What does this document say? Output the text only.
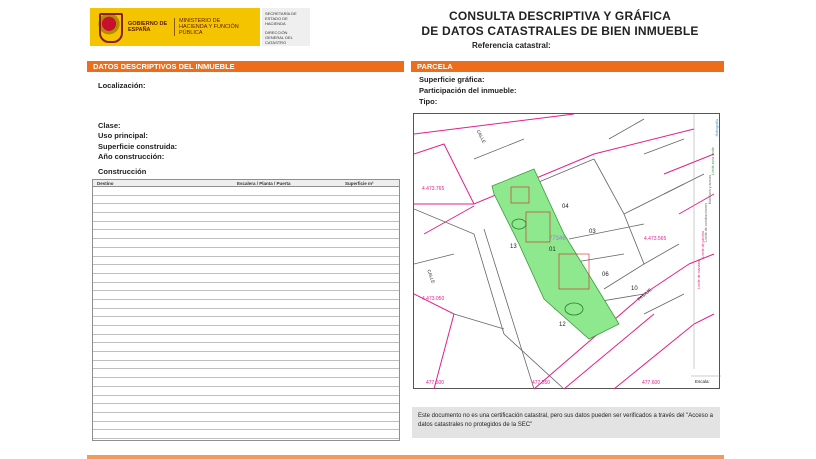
GOBIERNO DE ESPAÑA
MINISTERIO DE HACIENDA Y FUNCIÓN PÚBLICA
SECRETARÍA DE ESTADO DE HACIENDA
DIRECCIÓN GENERAL DEL CATASTRO
CONSULTA DESCRIPTIVA Y GRÁFICA
DE DATOS CATASTRALES DE BIEN INMUEBLE
Referencia catastral:
DATOS DESCRIPTIVOS DEL INMUEBLE
Localización:
Clase:
Uso principal:
Superficie construida:
Año construcción:
Construcción
Destino	Escalera / Planta / Puerta	Superficie m²
PARCELA
Superficie gráfica:
Participación del inmueble:
Tipo:
04
03
01
13
06
10
12
77346
4.473.765
4.473.050
4.473.565
477.500	477.550	477.600
CALLE
CALLE
PASAJE
Escala:
Límite de manzana
Límite de parcela
Límite de construcciones
Mobiliario y aceras
Límite zona verde
Hidrografía
Este documento no es una certificación catastral, pero sus datos pueden ser verificados a través del "Acceso a datos catastrales no protegidos de la SEC"
